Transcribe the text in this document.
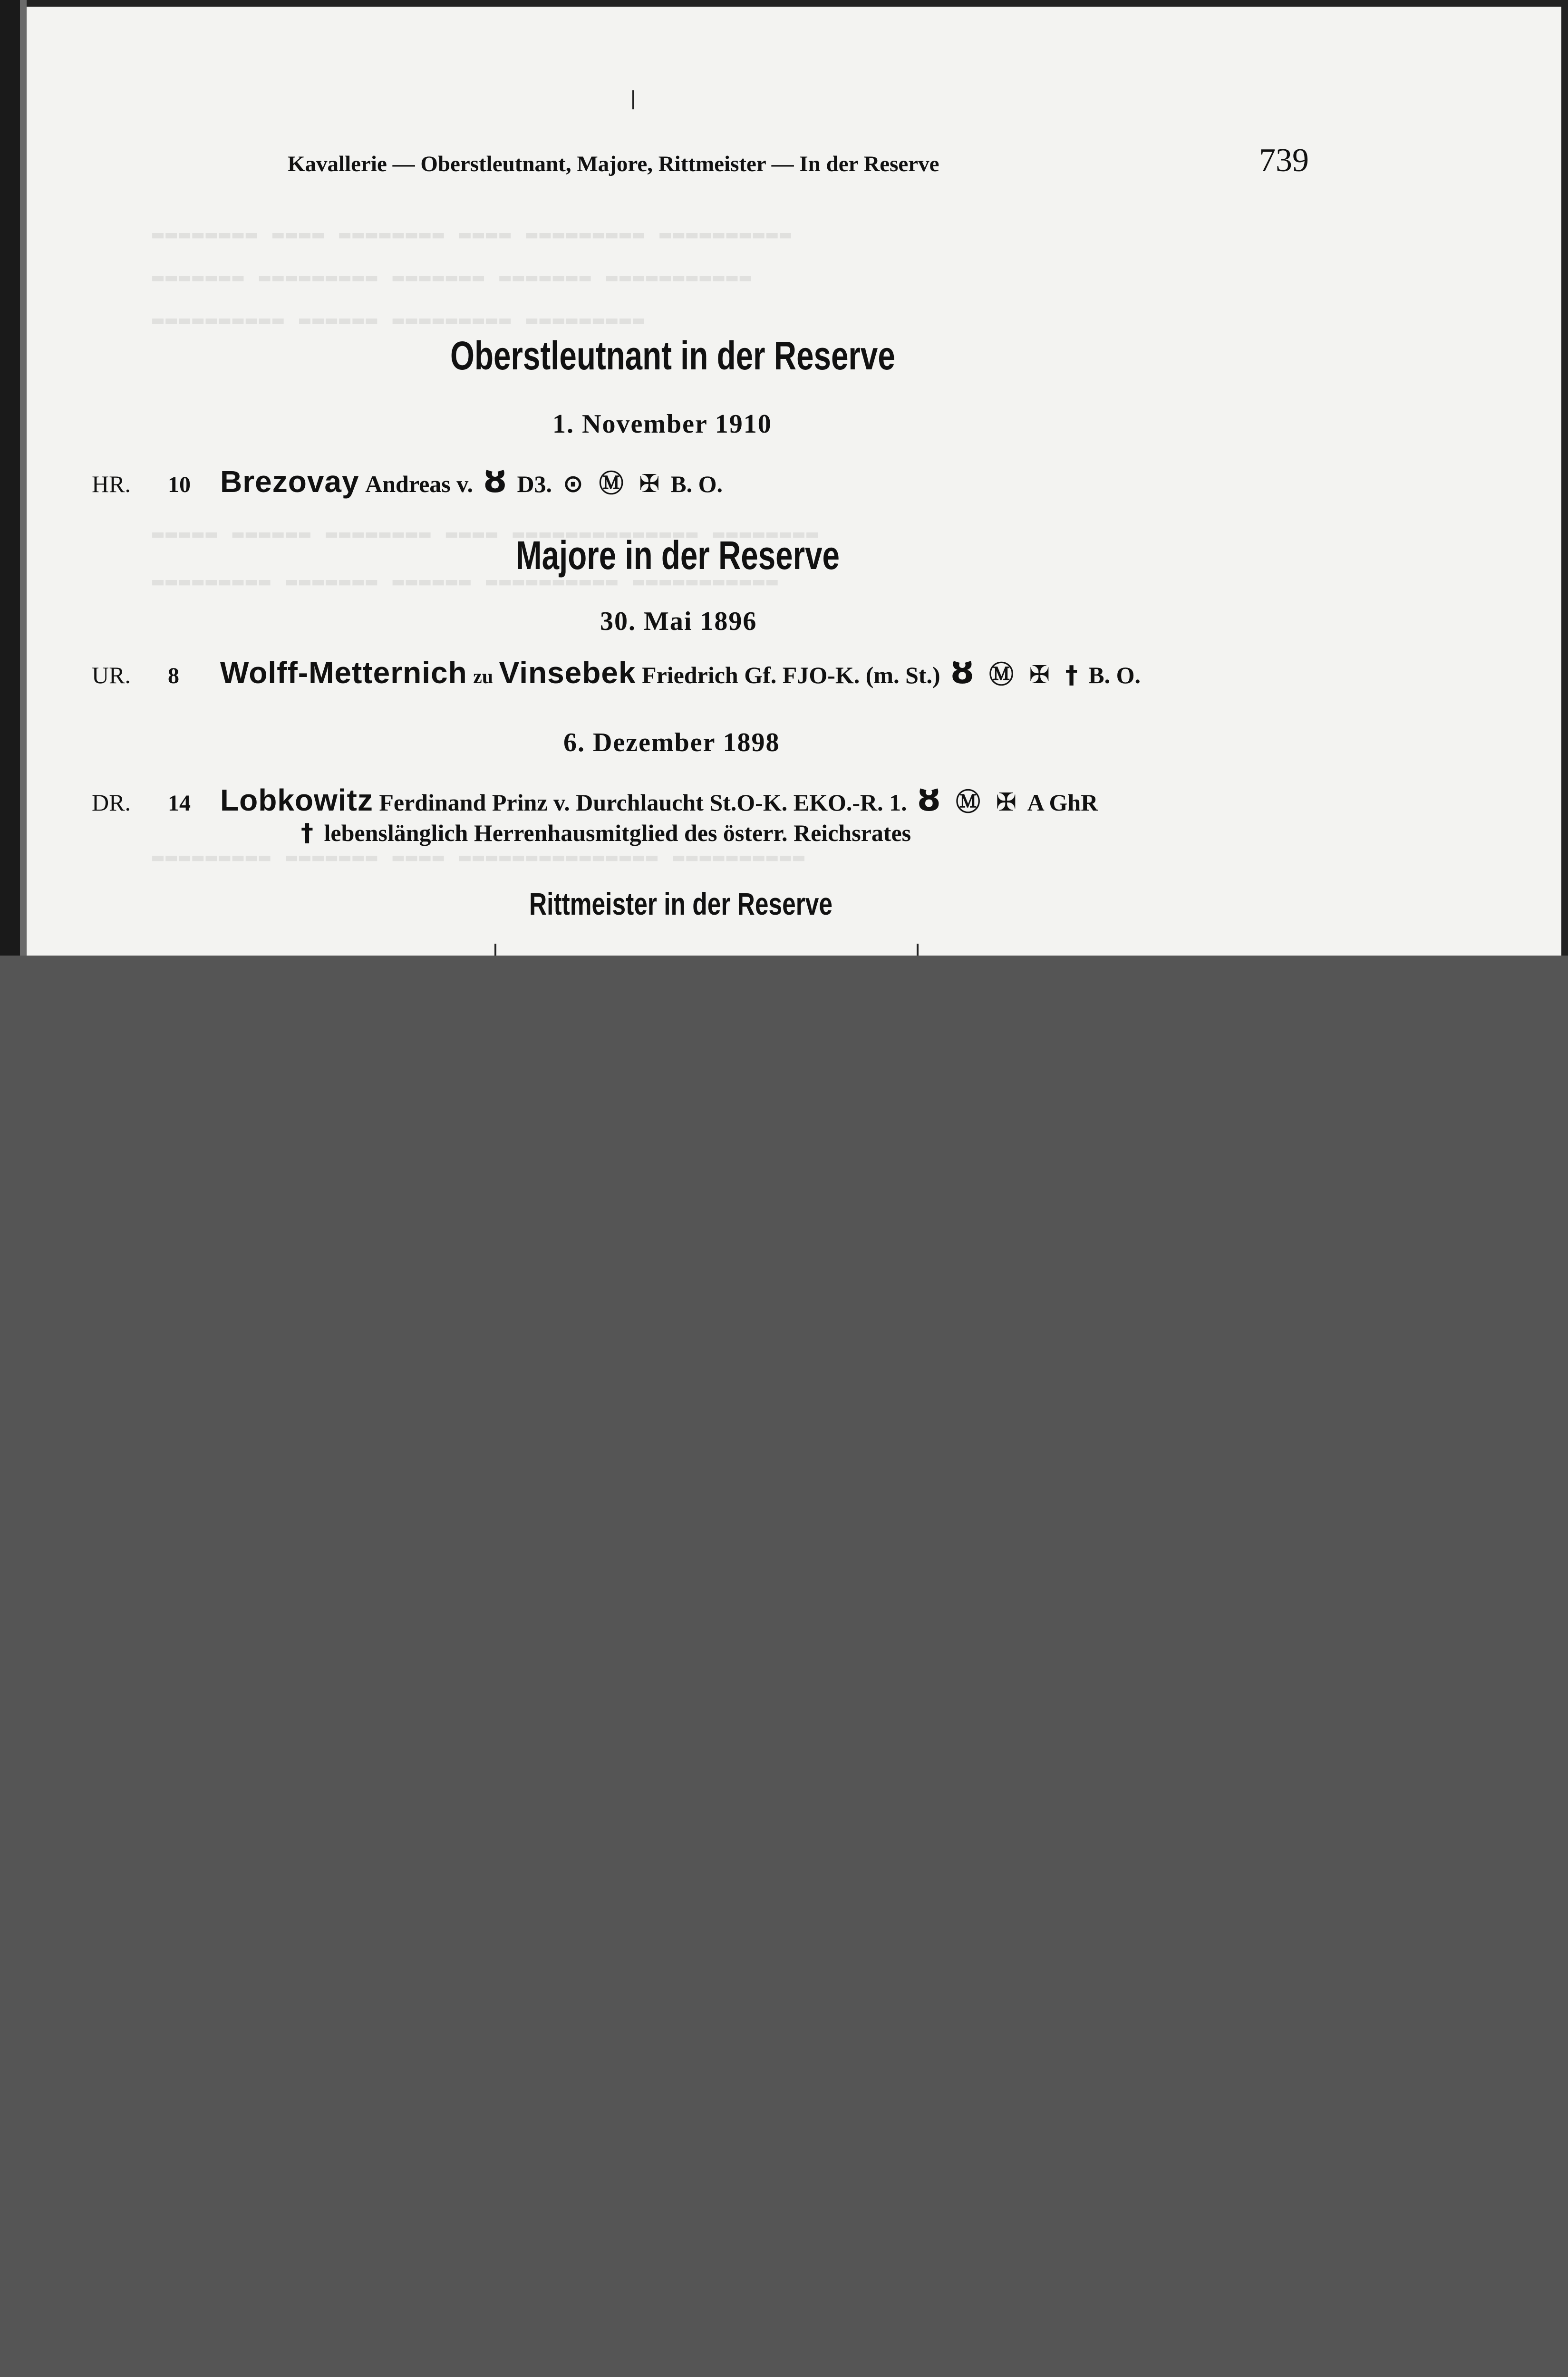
▬▬▬▬▬▬▬▬ ▬▬▬▬ ▬▬▬▬▬▬▬▬ ▬▬▬▬ ▬▬▬▬▬▬▬▬▬ ▬▬▬▬▬▬▬▬▬▬
▬▬▬▬▬▬▬ ▬▬▬▬▬▬▬▬▬ ▬▬▬▬▬▬▬ ▬▬▬▬▬▬▬ ▬▬▬▬▬▬▬▬▬▬▬
▬▬▬▬▬▬▬▬▬▬ ▬▬▬▬▬▬ ▬▬▬▬▬▬▬▬▬ ▬▬▬▬▬▬▬▬▬
▬▬▬▬▬ ▬▬▬▬▬▬ ▬▬▬▬▬▬▬▬ ▬▬▬▬ ▬▬▬▬▬▬▬▬▬▬▬▬▬▬ ▬▬▬▬▬▬▬▬
▬▬▬▬▬▬▬▬▬ ▬▬▬▬▬▬▬ ▬▬▬▬▬▬ ▬▬▬▬▬▬▬▬▬▬ ▬▬▬▬▬▬▬▬▬▬▬
▬▬▬▬▬▬▬▬▬ ▬▬▬▬▬▬▬ ▬▬▬▬ ▬▬▬▬▬▬▬▬▬▬▬▬▬▬▬ ▬▬▬▬▬▬▬▬▬▬
Kavallerie — Oberstleutnant, Majore, Rittmeister — In der Reserve	739
Oberstleutnant in der Reserve
1. November 1910
HR. 10 Brezovay Andreas v. ȣ D3. ⊙ Ⓜ ✠ B. O.
Majore in der Reserve
30. Mai 1896
UR. 8 Wolff-Metternich zu Vinsebek Friedrich Gf. FJO-K. (m. St.) ȣ Ⓜ ✠ † B. O.
6. Dezember 1898
DR. 14 Lobkowitz Ferdinand Prinz v. Durchlaucht St.O-K. EKO.-R. 1. ȣ Ⓜ ✠ A GhR
† lebenslänglich Herrenhausmitglied des österr. Reichsrates
Rittmeister in der Reserve
